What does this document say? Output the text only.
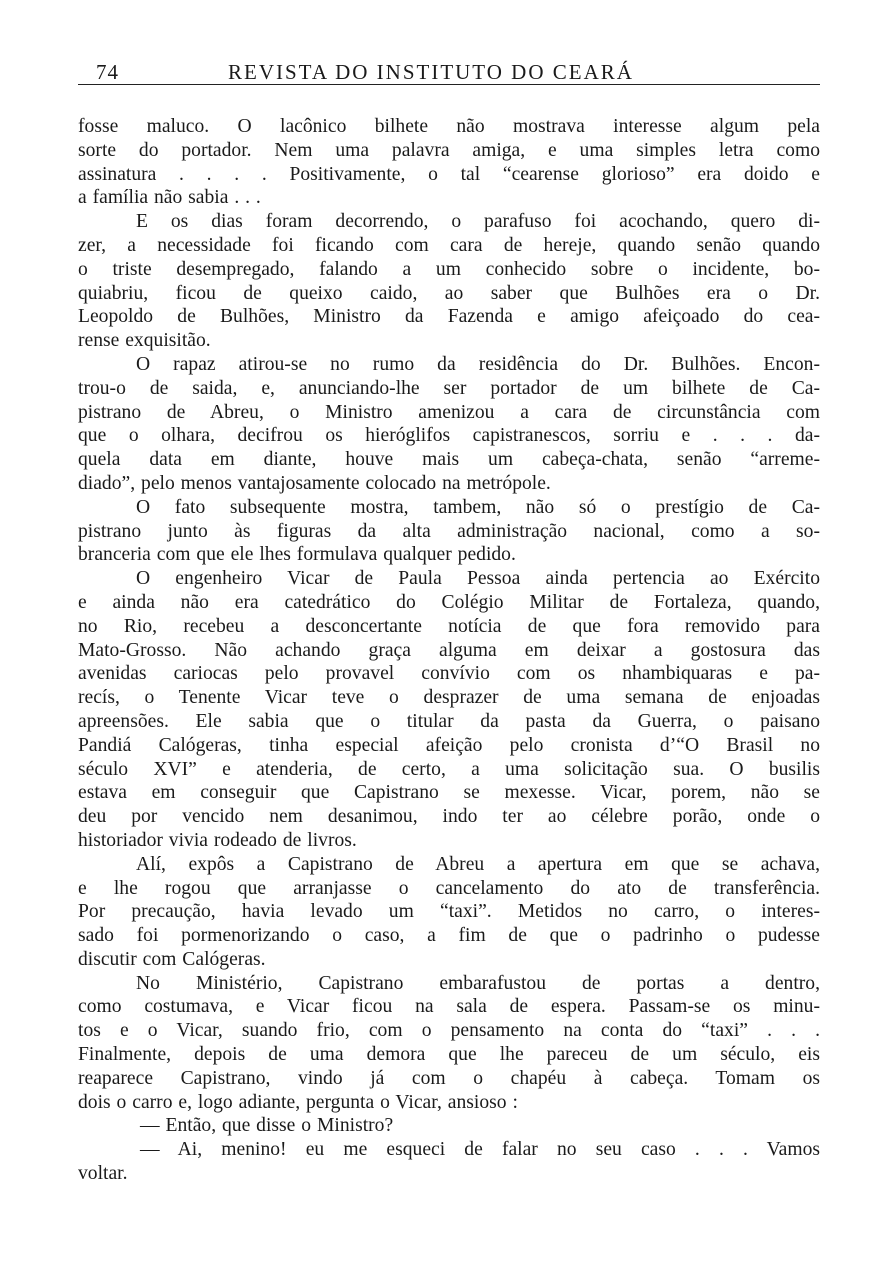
74	REVISTA DO INSTITUTO DO CEARÁ

fosse maluco. O lacônico bilhete não mostrava interesse algum pela

sorte do portador. Nem uma palavra amiga, e uma simples letra como

assinatura . . . . Positivamente, o tal “cearense glorioso” era doido e

a família não sabia . . .

E os dias foram decorrendo, o parafuso foi acochando, quero di-

zer, a necessidade foi ficando com cara de hereje, quando senão quando

o triste desempregado, falando a um conhecido sobre o incidente, bo-

quiabriu, ficou de queixo caido, ao saber que Bulhões era o Dr.

Leopoldo de Bulhões, Ministro da Fazenda e amigo afeiçoado do cea-

rense exquisitão.

O rapaz atirou-se no rumo da residência do Dr. Bulhões. Encon-

trou-o de saida, e, anunciando-lhe ser portador de um bilhete de Ca-

pistrano de Abreu, o Ministro amenizou a cara de circunstância com

que o olhara, decifrou os hieróglifos capistranescos, sorriu e . . . da-

quela data em diante, houve mais um cabeça-chata, senão “arreme-

diado”, pelo menos vantajosamente colocado na metrópole.

O fato subsequente mostra, tambem, não só o prestígio de Ca-

pistrano junto às figuras da alta administração nacional, como a so-

branceria com que ele lhes formulava qualquer pedido.

O engenheiro Vicar de Paula Pessoa ainda pertencia ao Exército

e ainda não era catedrático do Colégio Militar de Fortaleza, quando,

no Rio, recebeu a desconcertante notícia de que fora removido para

Mato-Grosso. Não achando graça alguma em deixar a gostosura das

avenidas cariocas pelo provavel convívio com os nhambiquaras e pa-

recís, o Tenente Vicar teve o desprazer de uma semana de enjoadas

apreensões. Ele sabia que o titular da pasta da Guerra, o paisano

Pandiá Calógeras, tinha especial afeição pelo cronista d’“O Brasil no

século XVI” e atenderia, de certo, a uma solicitação sua. O busilis

estava em conseguir que Capistrano se mexesse. Vicar, porem, não se

deu por vencido nem desanimou, indo ter ao célebre porão, onde o

historiador vivia rodeado de livros.

Alí, expôs a Capistrano de Abreu a apertura em que se achava,

e lhe rogou que arranjasse o cancelamento do ato de transferência.

Por precaução, havia levado um “taxi”. Metidos no carro, o interes-

sado foi pormenorizando o caso, a fim de que o padrinho o pudesse

discutir com Calógeras.

No Ministério, Capistrano embarafustou de portas a dentro,

como costumava, e Vicar ficou na sala de espera. Passam-se os minu-

tos e o Vicar, suando frio, com o pensamento na conta do “taxi” . . .

Finalmente, depois de uma demora que lhe pareceu de um século, eis

reaparece Capistrano, vindo já com o chapéu à cabeça. Tomam os

dois o carro e, logo adiante, pergunta o Vicar, ansioso :

— Então, que disse o Ministro?

— Ai, menino! eu me esqueci de falar no seu caso . . . Vamos

voltar.
